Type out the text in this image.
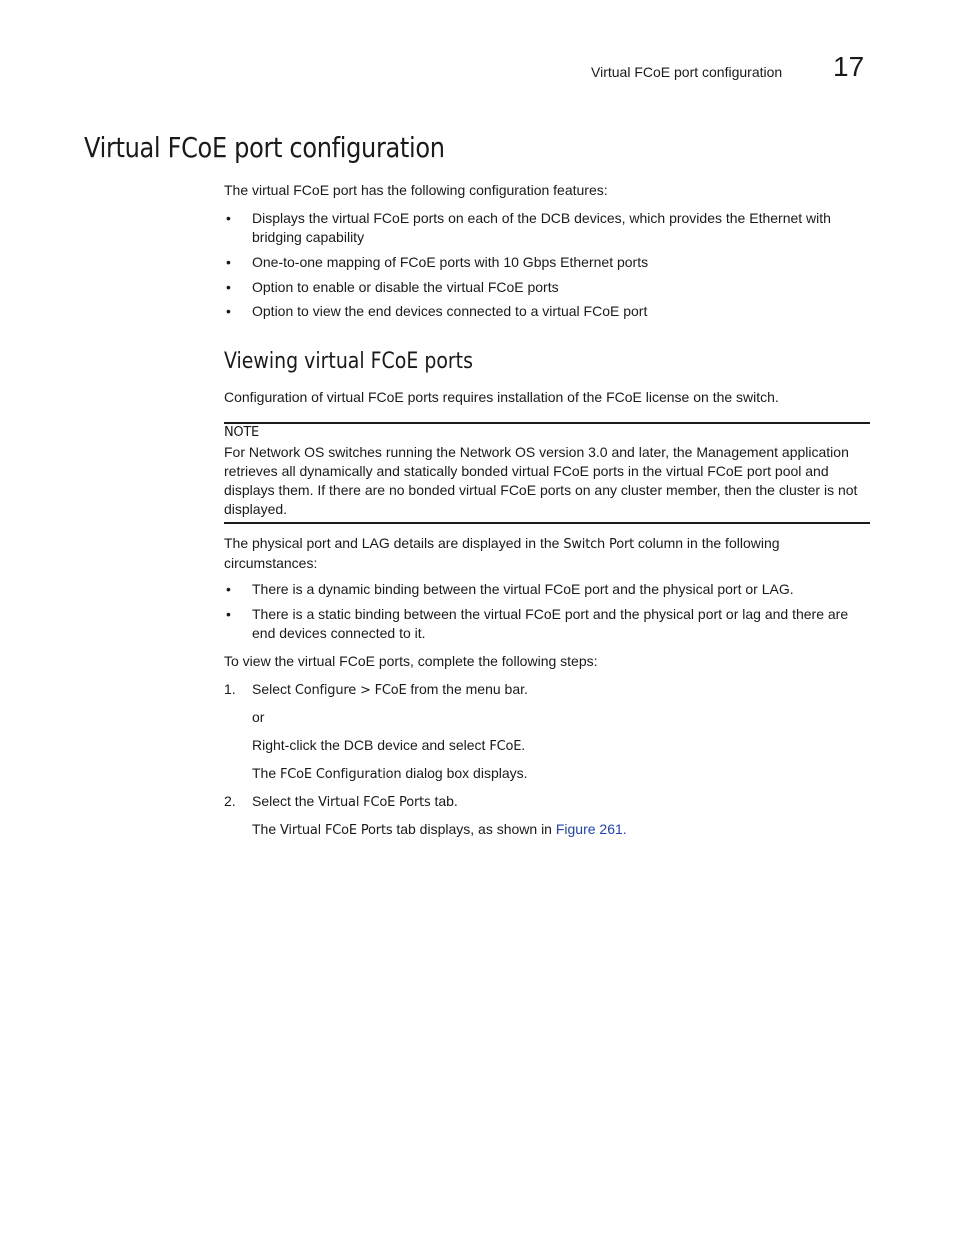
Virtual FCoE port configuration 17
Virtual FCoE port configuration

The virtual FCoE port has the following configuration features:

• Displays the virtual FCoE ports on each of the DCB devices, which provides the Ethernet with bridging capability
• One-to-one mapping of FCoE ports with 10 Gbps Ethernet ports
• Option to enable or disable the virtual FCoE ports
• Option to view the end devices connected to a virtual FCoE port
Viewing virtual FCoE ports

Configuration of virtual FCoE ports requires installation of the FCoE license on the switch.

NOTE

For Network OS switches running the Network OS version 3.0 and later, the Management application retrieves all dynamically and statically bonded virtual FCoE ports in the virtual FCoE port pool and displays them. If there are no bonded virtual FCoE ports on any cluster member, then the cluster is not displayed.

The physical port and LAG details are displayed in the Switch Port column in the following circumstances:

• There is a dynamic binding between the virtual FCoE port and the physical port or LAG.
• There is a static binding between the virtual FCoE port and the physical port or lag and there are end devices connected to it.

To view the virtual FCoE ports, complete the following steps:

1. Select Configure > FCoE from the menu bar.

or

Right-click the DCB device and select FCoE.

The FCoE Configuration dialog box displays.

2. Select the Virtual FCoE Ports tab.

The Virtual FCoE Ports tab displays, as shown in Figure 261.
